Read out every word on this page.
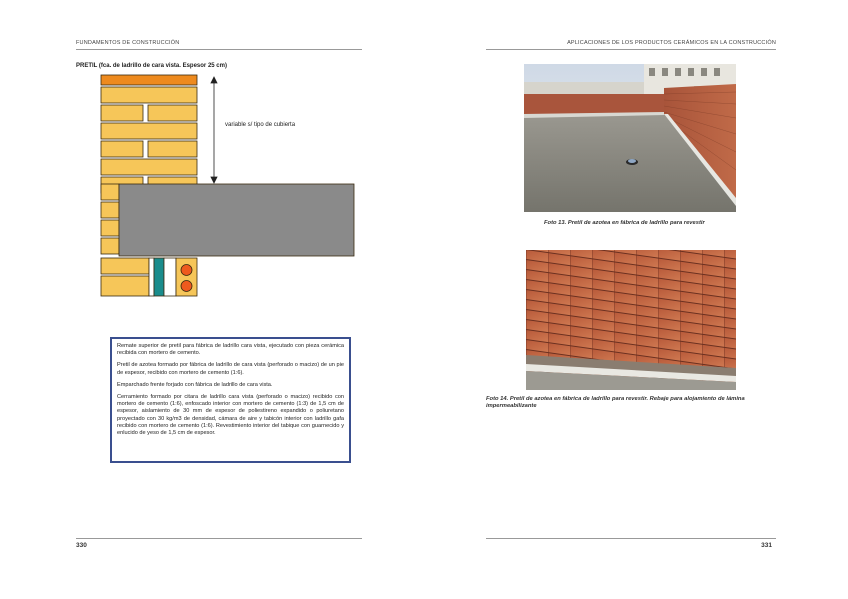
FUNDAMENTOS DE CONSTRUCCIÓN
PRETIL (fca. de ladrillo de cara vista. Espesor 25 cm)
variable s/ tipo de cubierta

Remate superior de pretil para fábrica de ladrillo cara vista, ejecutado con pieza cerámica recibida con mortero de cemento.

Pretil de azotea formado por fábrica de ladrillo de cara vista (perforado o macizo) de un pie de espesor, recibido con mortero de cemento (1:6).

Emparchado frente forjado con fábrica de ladrillo de cara vista.

Cerramiento formado por citara de ladrillo cara vista (perforado o macizo) recibido con mortero de cemento (1:6), enfoscado interior con mortero de cemento (1:3) de 1,5 cm de espesor, aislamiento de 30 mm de espesor de poliestireno expandido o poliuretano proyectado con 30 kg/m3 de densidad, cámara de aire y tabicón interior con ladrillo gafa recibido con mortero de cemento (1:6). Revestimiento interior del tabique con guarnecido y enlucido de yeso de 1,5 cm de espesor.

330
APLICACIONES DE LOS PRODUCTOS CERÁMICOS EN LA CONSTRUCCIÓN
Foto 13. Pretil de azotea en fábrica de ladrillo para revestir
Foto 14. Pretil de azotea en fábrica de ladrillo para revestir. Rebaje para alojamiento de lámina impermeabilizante
331
